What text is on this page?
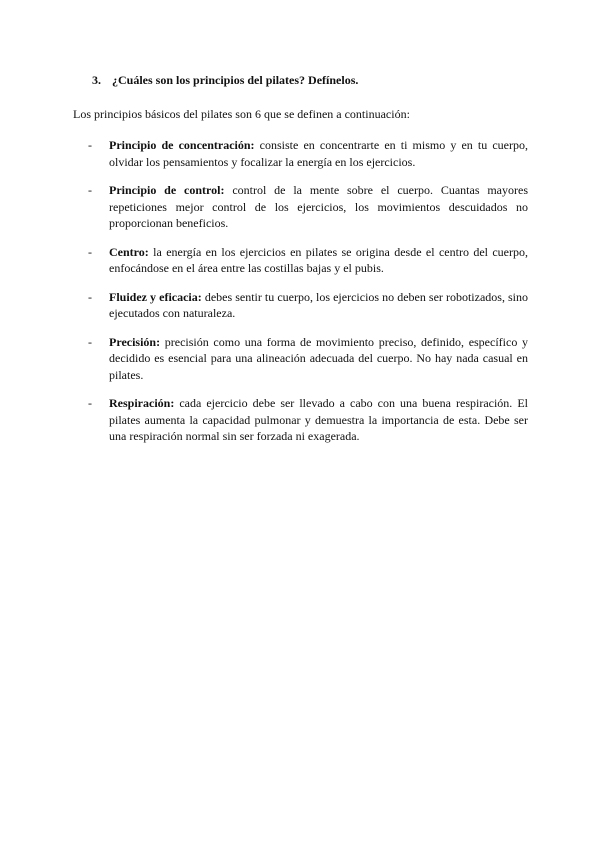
3. ¿Cuáles son los principios del pilates? Defínelos.
Los principios básicos del pilates son 6 que se definen a continuación:
- Principio de concentración: consiste en concentrarte en ti mismo y en tu cuerpo, olvidar los pensamientos y focalizar la energía en los ejercicios.
- Principio de control: control de la mente sobre el cuerpo. Cuantas mayores repeticiones mejor control de los ejercicios, los movimientos descuidados no proporcionan beneficios.
- Centro: la energía en los ejercicios en pilates se origina desde el centro del cuerpo, enfocándose en el área entre las costillas bajas y el pubis.
- Fluidez y eficacia: debes sentir tu cuerpo, los ejercicios no deben ser robotizados, sino ejecutados con naturaleza.
- Precisión: precisión como una forma de movimiento preciso, definido, específico y decidido es esencial para una alineación adecuada del cuerpo. No hay nada casual en pilates.
- Respiración: cada ejercicio debe ser llevado a cabo con una buena respiración. El pilates aumenta la capacidad pulmonar y demuestra la importancia de esta. Debe ser una respiración normal sin ser forzada ni exagerada.
